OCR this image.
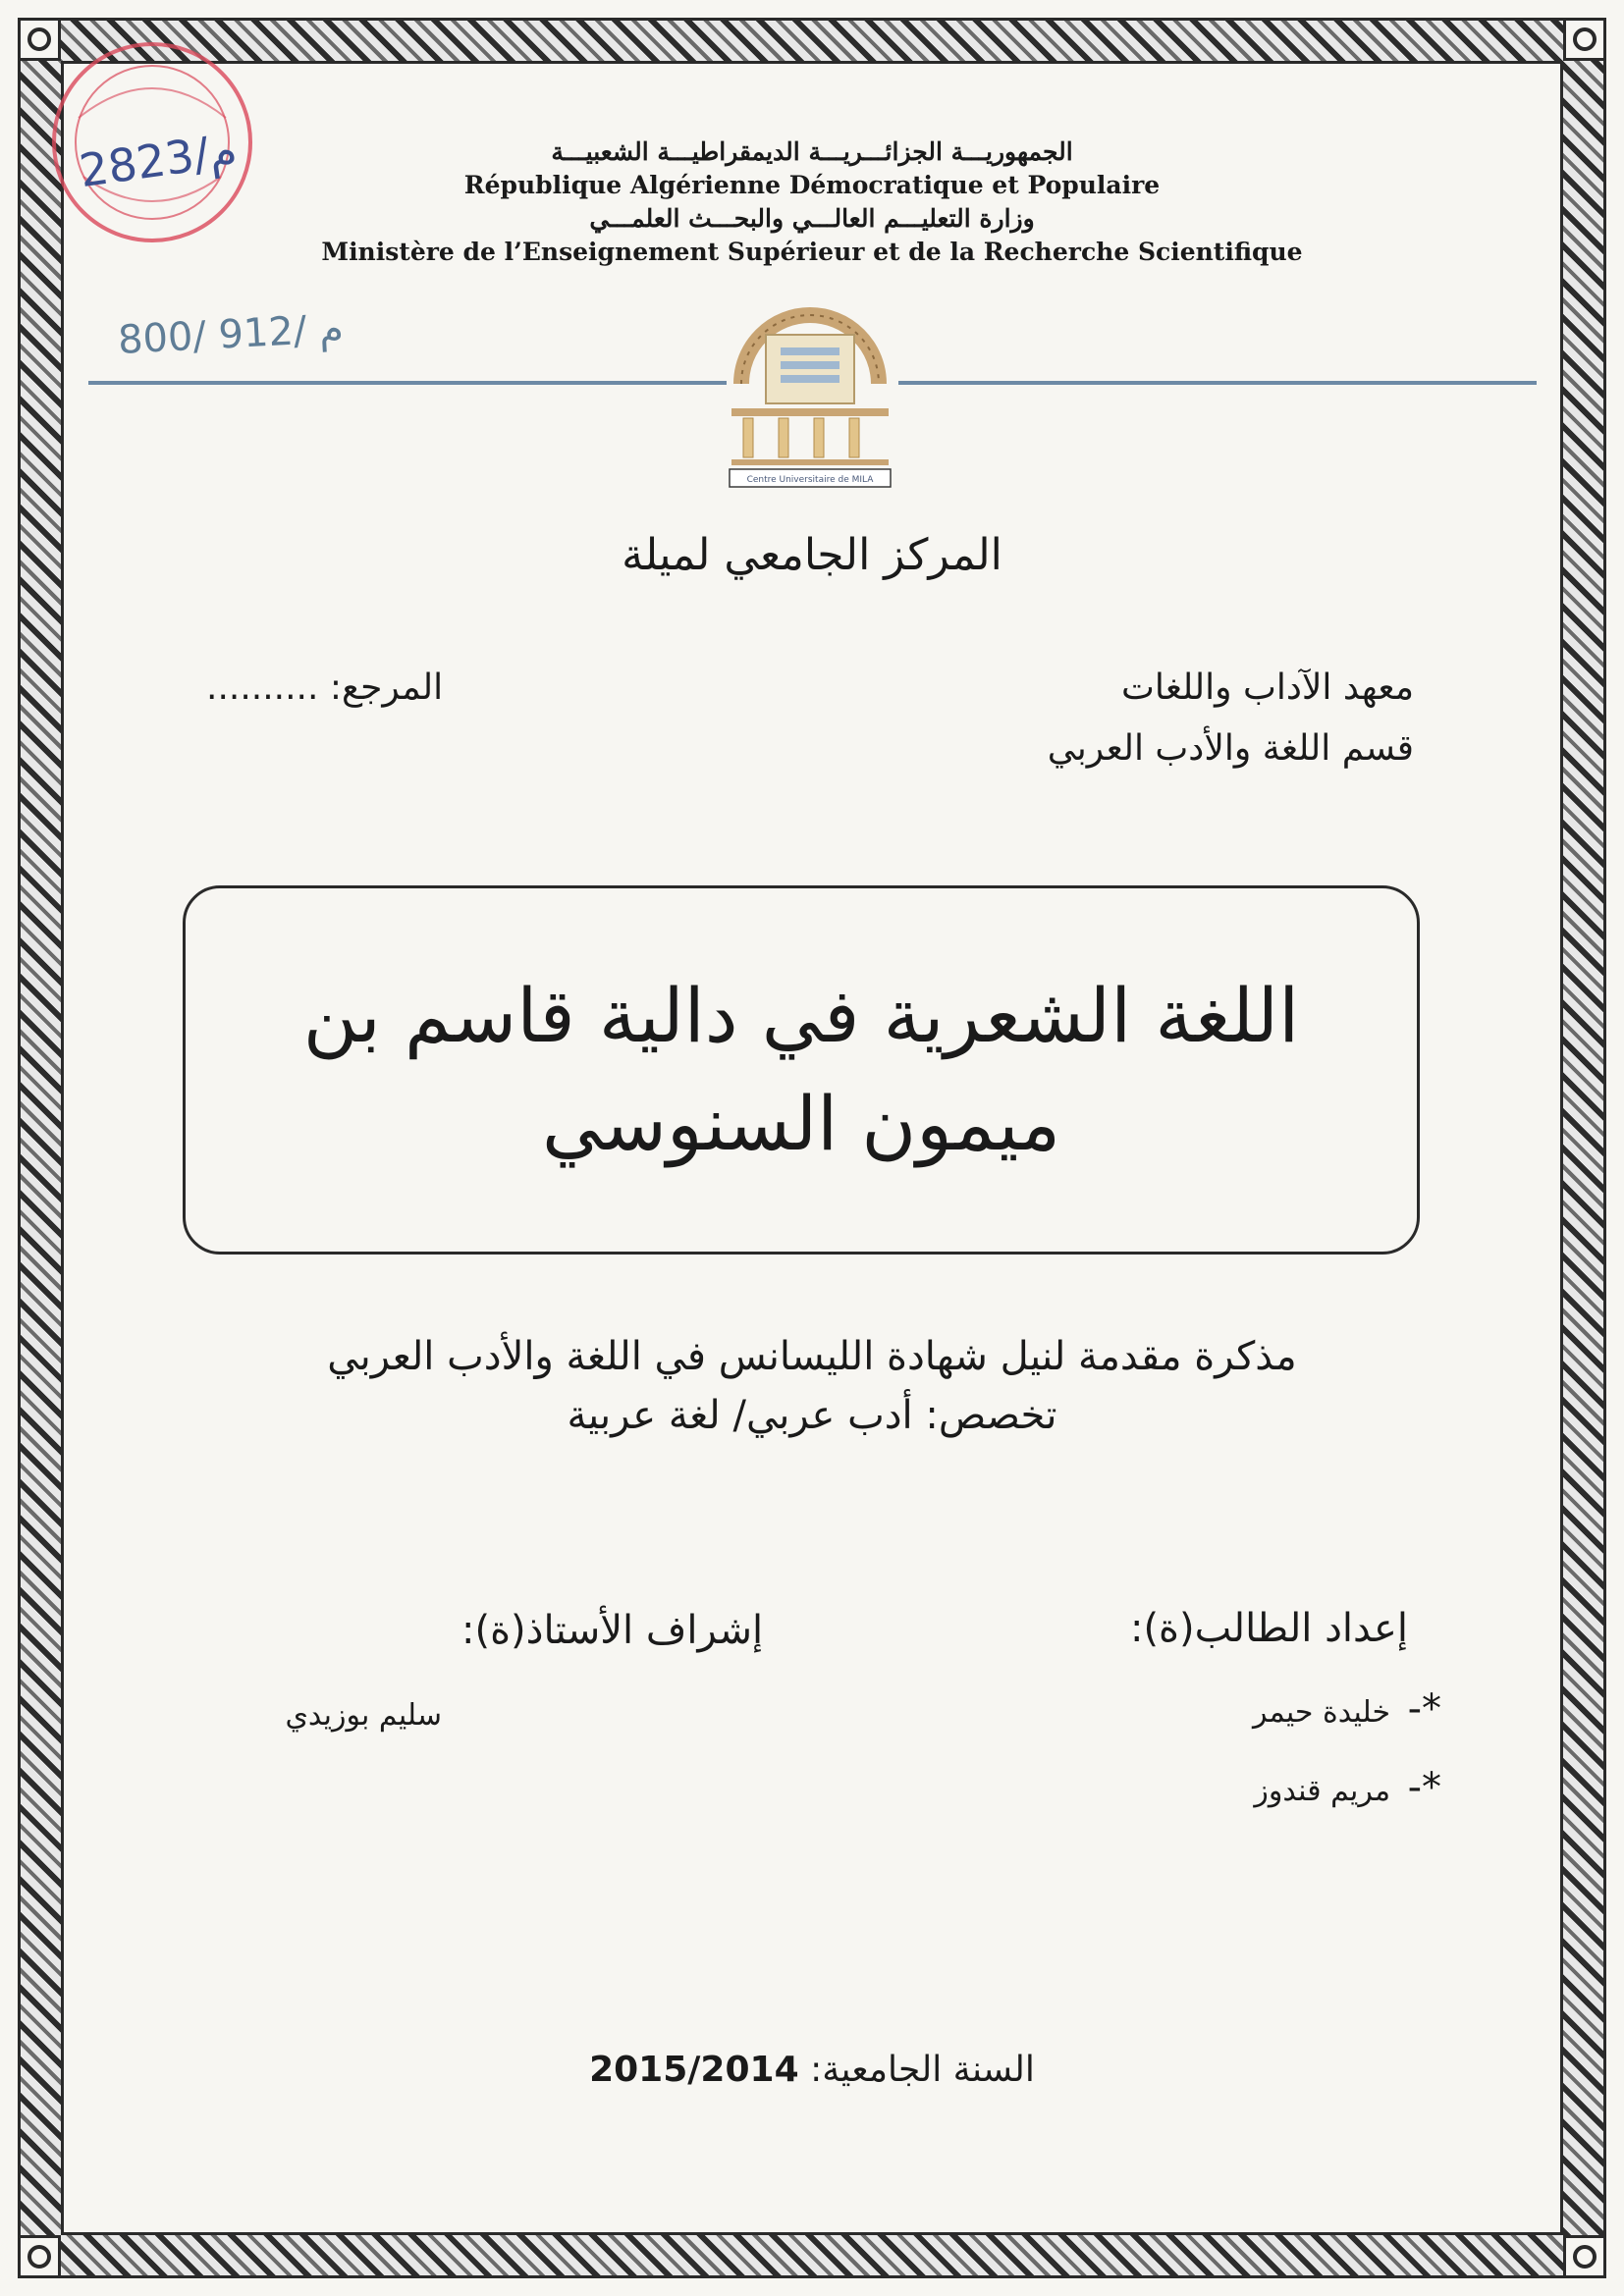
2823/م
800/ 912/ م
الجمهوريـــة الجزائـــريـــة الديمقراطيـــة الشعبيـــة
République Algérienne Démocratique et Populaire
وزارة التعليـــم العالـــي والبحـــث العلمـــي
Ministère de l’Enseignement Supérieur et de la Recherche Scientifique
Centre Universitaire de MILA
المركز الجامعي لميلة
معهد الآداب واللغات
قسم اللغة والأدب العربي
المرجع: ..........
اللغة الشعرية في دالية قاسم بن
ميمون السنوسي
مذكرة مقدمة لنيل شهادة الليسانس في اللغة والأدب العربي
تخصص: أدب عربي/ لغة عربية
إعداد الطالب(ة):
*- خليدة حيمر
*- مريم قندوز
إشراف الأستاذ(ة):
سليم بوزيدي
السنة الجامعية: 2015/2014
